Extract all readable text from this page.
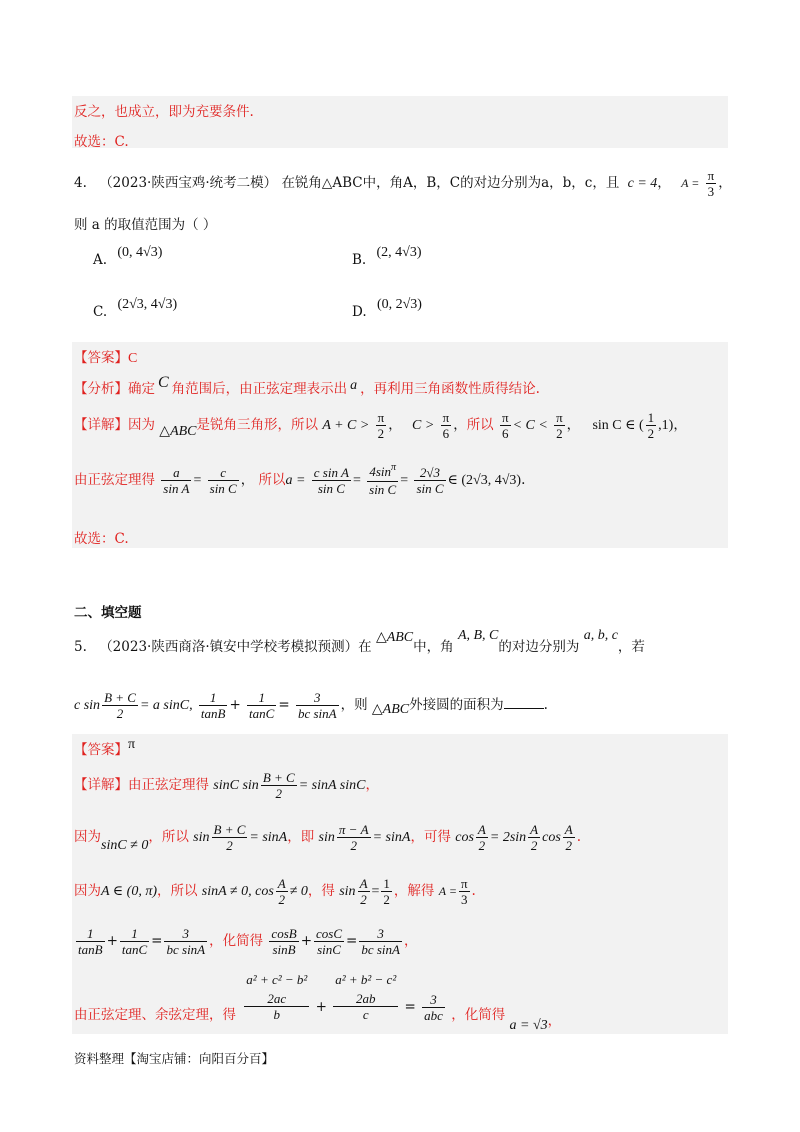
反之，也成立，即为充要条件.
故选：C.
4. （2023·陕西宝鸡·统考二模） 在锐角△ABC中，角A，B，C的对边分别为a，b，c，且 c = 4， $A = \frac{\pi}{3}$ ，
则 a 的取值范围为（ ）
A. (0, 4√3)	B. (2, 4√3)
C. (2√3, 4√3)	D. (0, 2√3)
【答案】C
【分析】确定 C 角范围后，由正弦定理表示出 a ，再利用三角函数性质得结论.
【详解】因为 △ABC是锐角三角形，所以 $A + C > \frac{\pi}{2}$ ， $C > \frac{\pi}{6}$ ，所以 $\frac{\pi}{6} < C < \frac{\pi}{2}$ ， sin C ∈ ( $\frac{1}{2} ,1$)，
由正弦定理得 $\frac{a}{\text{sin A}} = \frac{c}{\text{sin C}}$ ， 所以$a = \frac{\text{c sin A}}{\text{sin C}} = \frac{4\sin^\pi}{\text{sin C}} = \frac{2√3}{\text{sin C}}$ ∈ (2√3, 4√3).
故选：C.
二、填空题
5. （2023·陕西商洛·镇安中学校考模拟预测）在 △ABC中，角 A, B, C的对边分别为 a, b, c，若
c $\sin \frac{B + C}{2} = a$ sinC, $\frac{1}{\tan B} + \frac{1}{\tan C} = \frac{3}{\text{bc sinA}}$ ，则 △ABC外接圆的面积为	.
【答案】π
【详解】由正弦定理得 sinC $\sin \frac{B + C}{2} = \sin A$ sinC，
因为sinC ≠ 0，所以 $\sin \frac{B + C}{2} = \sin A$，即 $\sin \frac{\pi - A}{2} = \sin A$，可得 $\cos \frac{A}{2} = 2\sin \frac{A}{2}$ $\cos \frac{A}{2}$ .
因为A ∈ (0, π)，所以 sinA ≠ 0, $\cos \frac{A}{2} \ne 0$，得 $\sin \frac{A}{2} = \frac{1}{2}$ ，解得 $A = \frac{\pi}{3}$ .
$\frac{1}{\tan B} + \frac{1}{\tan C} = \frac{3}{\text{bc sinA}}$ ，化简得 $\frac{\cos B}{\sin B} + \frac{\cos C}{\sin C} = \frac{3}{\text{bc sinA}}$ ，
由正弦定理、余弦定理，得
a² + c² − b²
2ac
b	+
a² + b² − c²
2ab
c	= $\frac{3}{\text{abc}}$ ，化简得 a = √3，
资料整理【淘宝店铺：向阳百分百】
